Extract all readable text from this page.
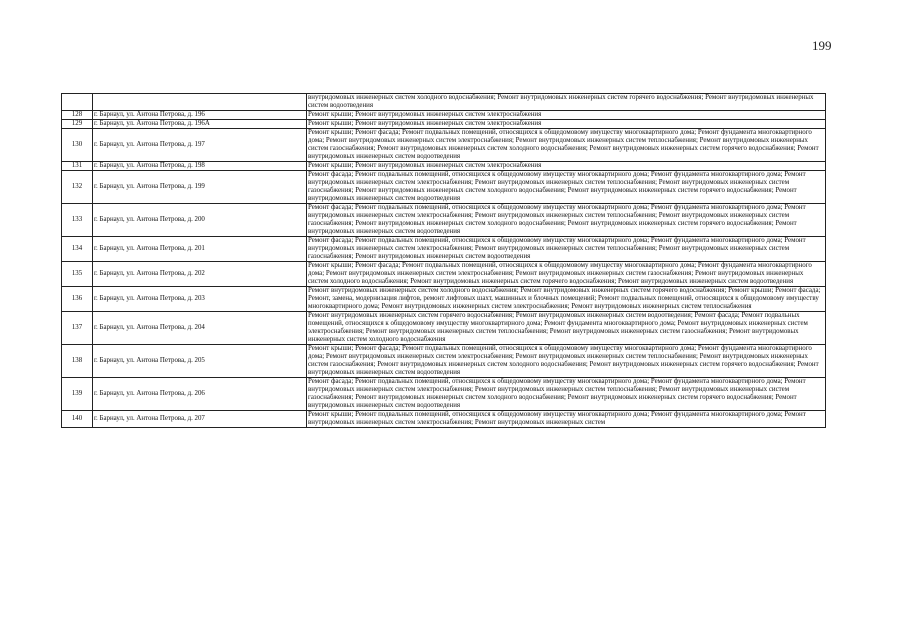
199
		внутридомовых инженерных систем холодного водоснабжения; Ремонт внутридомовых инженерных систем горячего водоснабжения; Ремонт внутридомовых инженерных систем водоотведения
128	г. Барнаул, ул. Антона Петрова, д. 196	Ремонт крыши; Ремонт внутридомовых инженерных систем электроснабжения
129	г. Барнаул, ул. Антона Петрова, д. 196А	Ремонт крыши; Ремонт внутридомовых инженерных систем электроснабжения
130	г. Барнаул, ул. Антона Петрова, д. 197	Ремонт крыши; Ремонт фасада; Ремонт подвальных помещений, относящихся к общедомовому имуществу многоквартирного дома; Ремонт фундамента многоквартирного дома; Ремонт внутридомовых инженерных систем электроснабжения; Ремонт внутридомовых инженерных систем теплоснабжения; Ремонт внутридомовых инженерных систем газоснабжения; Ремонт внутридомовых инженерных систем холодного водоснабжения; Ремонт внутридомовых инженерных систем горячего водоснабжения; Ремонт внутридомовых инженерных систем водоотведения
131	г. Барнаул, ул. Антона Петрова, д. 198	Ремонт крыши; Ремонт внутридомовых инженерных систем электроснабжения
132	г. Барнаул, ул. Антона Петрова, д. 199	Ремонт фасада; Ремонт подвальных помещений, относящихся к общедомовому имуществу многоквартирного дома; Ремонт фундамента многоквартирного дома; Ремонт внутридомовых инженерных систем электроснабжения; Ремонт внутридомовых инженерных систем теплоснабжения; Ремонт внутридомовых инженерных систем газоснабжения; Ремонт внутридомовых инженерных систем холодного водоснабжения; Ремонт внутридомовых инженерных систем горячего водоснабжения; Ремонт внутридомовых инженерных систем водоотведения
133	г. Барнаул, ул. Антона Петрова, д. 200	Ремонт фасада; Ремонт подвальных помещений, относящихся к общедомовому имуществу многоквартирного дома; Ремонт фундамента многоквартирного дома; Ремонт внутридомовых инженерных систем электроснабжения; Ремонт внутридомовых инженерных систем теплоснабжения; Ремонт внутридомовых инженерных систем газоснабжения; Ремонт внутридомовых инженерных систем холодного водоснабжения; Ремонт внутридомовых инженерных систем горячего водоснабжения; Ремонт внутридомовых инженерных систем водоотведения
134	г. Барнаул, ул. Антона Петрова, д. 201	Ремонт фасада; Ремонт подвальных помещений, относящихся к общедомовому имуществу многоквартирного дома; Ремонт фундамента многоквартирного дома; Ремонт внутридомовых инженерных систем электроснабжения; Ремонт внутридомовых инженерных систем теплоснабжения; Ремонт внутридомовых инженерных систем газоснабжения; Ремонт внутридомовых инженерных систем водоотведения
135	г. Барнаул, ул. Антона Петрова, д. 202	Ремонт крыши; Ремонт фасада; Ремонт подвальных помещений, относящихся к общедомовому имуществу многоквартирного дома; Ремонт фундамента многоквартирного дома; Ремонт внутридомовых инженерных систем электроснабжения; Ремонт внутридомовых инженерных систем газоснабжения; Ремонт внутридомовых инженерных систем холодного водоснабжения; Ремонт внутридомовых инженерных систем горячего водоснабжения; Ремонт внутридомовых инженерных систем водоотведения
136	г. Барнаул, ул. Антона Петрова, д. 203	Ремонт внутридомовых инженерных систем холодного водоснабжения; Ремонт внутридомовых инженерных систем горячего водоснабжения; Ремонт крыши; Ремонт фасада; Ремонт, замена, модернизация лифтов, ремонт лифтовых шахт, машинных и блочных помещений; Ремонт подвальных помещений, относящихся к общедомовому имуществу многоквартирного дома; Ремонт внутридомовых инженерных систем электроснабжения; Ремонт внутридомовых инженерных систем теплоснабжения
137	г. Барнаул, ул. Антона Петрова, д. 204	Ремонт внутридомовых инженерных систем горячего водоснабжения; Ремонт внутридомовых инженерных систем водоотведения; Ремонт фасада; Ремонт подвальных помещений, относящихся к общедомовому имуществу многоквартирного дома; Ремонт фундамента многоквартирного дома; Ремонт внутридомовых инженерных систем электроснабжения; Ремонт внутридомовых инженерных систем теплоснабжения; Ремонт внутридомовых инженерных систем газоснабжения; Ремонт внутридомовых инженерных систем холодного водоснабжения
138	г. Барнаул, ул. Антона Петрова, д. 205	Ремонт крыши; Ремонт фасада; Ремонт подвальных помещений, относящихся к общедомовому имуществу многоквартирного дома; Ремонт фундамента многоквартирного дома; Ремонт внутридомовых инженерных систем электроснабжения; Ремонт внутридомовых инженерных систем теплоснабжения; Ремонт внутридомовых инженерных систем газоснабжения; Ремонт внутридомовых инженерных систем холодного водоснабжения; Ремонт внутридомовых инженерных систем горячего водоснабжения; Ремонт внутридомовых инженерных систем водоотведения
139	г. Барнаул, ул. Антона Петрова, д. 206	Ремонт фасада; Ремонт подвальных помещений, относящихся к общедомовому имуществу многоквартирного дома; Ремонт фундамента многоквартирного дома; Ремонт внутридомовых инженерных систем электроснабжения; Ремонт внутридомовых инженерных систем теплоснабжения; Ремонт внутридомовых инженерных систем газоснабжения; Ремонт внутридомовых инженерных систем холодного водоснабжения; Ремонт внутридомовых инженерных систем горячего водоснабжения; Ремонт внутридомовых инженерных систем водоотведения
140	г. Барнаул, ул. Антона Петрова, д. 207	Ремонт крыши; Ремонт подвальных помещений, относящихся к общедомовому имуществу многоквартирного дома; Ремонт фундамента многоквартирного дома; Ремонт внутридомовых инженерных систем электроснабжения; Ремонт внутридомовых инженерных систем
